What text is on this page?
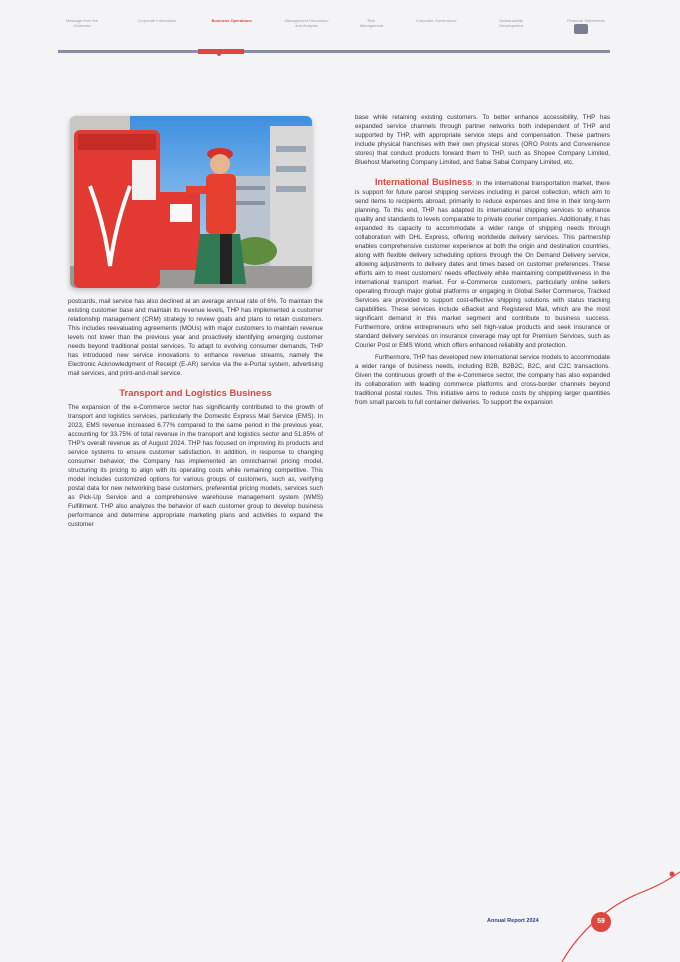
Message from the Chairman
Corporate Information	Business Operations	Management Discussion and Analysis
Risk Management
Corporate Governance	Sustainability Development
Financial Statements

postcards, mail service has also declined at an average annual rate of 6%. To maintain the existing customer base and maintain its revenue levels, THP has implemented a customer relationship management (CRM) strategy to review goals and plans to retain customers. This includes reevaluating agreements (MOUs) with major customers to maintain revenue levels not lower than the previous year and proactively identifying emerging customer needs beyond traditional postal services. To adapt to evolving consumer demands, THP has introduced new service innovations to enhance revenue streams, namely the Electronic Acknowledgment of Receipt (E-AR) service via the e-Portal system, advertising mail services, and print-and-mail service.

Transport and Logistics Business

The expansion of the e-Commerce sector has significantly contributed to the growth of transport and logistics services, particularly the Domestic Express Mail Service (EMS). In 2023, EMS revenue increased 6.77% compared to the same period in the previous year, accounting for 33.75% of total revenue in the transport and logistics sector and 51.85% of THP's overall revenue as of August 2024. THP has focused on improving its products and service systems to ensure customer satisfaction. In addition, in response to changing consumer behavior, the Company has implemented an omnichannel pricing model, structuring its pricing to align with its operating costs while remaining competitive. This model includes customized options for various groups of customers, such as, verifying postal data for new networking base customers, preferential pricing models, services such as Pick-Up Service and a comprehensive warehouse management system (WMS) Fulfillment. THP also analyzes the behavior of each customer group to develop business performance and determine appropriate marketing plans and activities to expand the customer

base while retaining existing customers. To better enhance accessibility, THP has expanded service channels through partner networks both independent of THP and supported by THP, with appropriate service steps and compensation. These partners include physical franchises with their own physical stores (ORO Points and Convenience stores) that conduct products forward them to THP, such as Shopee Company Limited, Bluehost Marketing Company Limited, and Sabai Sabai Company Limited, etc.

International Business: In the international transportation market, there is support for future parcel shipping services including in parcel collection, which aim to send items to recipients abroad, primarily to reduce expenses and time in their long-term planning. To this end, THP has adapted its international shipping services to enhance quality and standards to levels comparable to private courier companies. Additionally, it has expanded its capacity to accommodate a wider range of shipping needs through collaboration with DHL Express, offering worldwide delivery services. This partnership enables comprehensive customer experience at both the origin and destination countries, along with flexible delivery scheduling options through the On Demand Delivery service, allowing adjustments to delivery dates and times based on customer preferences. These efforts aim to meet customers’ needs effectively while maintaining competitiveness in the international transport market. For e-Commerce customers, particularly online sellers operating through major global platforms or engaging in Global Seller Commerce, Tracked Services are provided to support cost-effective shipping solutions with status tracking capabilities. These services include eBacket and Registered Mail, which are the most significant demand in this market segment and contribute to business success. Furthermore, online entrepreneurs who sell high-value products and seek insurance or standard delivery services on insurance coverage may opt for Premium Services, such as Courier Post or EMS World, which offers enhanced reliability and protection.

Furthermore, THP has developed new international service models to accommodate a wider range of business needs, including B2B, B2B2C, B2C, and C2C transactions. Given the continuous growth of the e-Commerce sector, the company has also expanded its collaboration with leading commerce platforms and cross-border channels beyond traditional postal routes. This initiative aims to reduce costs by shipping larger quantities from small parcels to full container deliveries. To support the expansion

Annual Report 2024	59
